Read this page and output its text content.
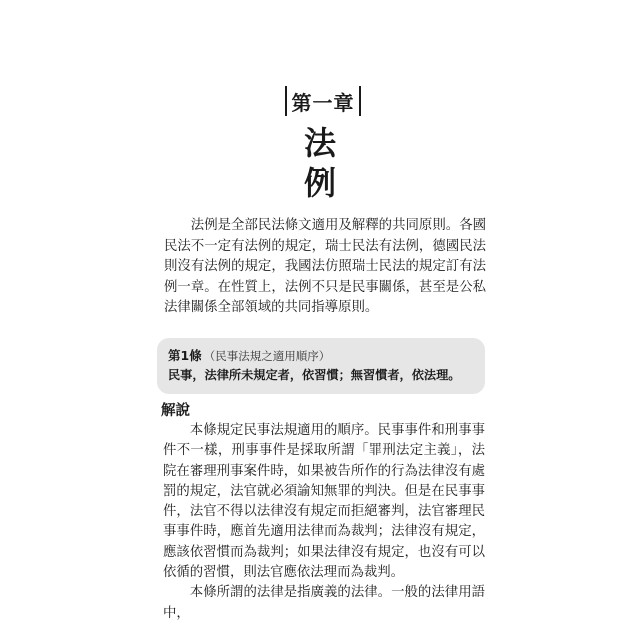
第一章
法例

法例是全部民法條文適用及解釋的共同原則。各國民法不一定有法例的規定，瑞士民法有法例，德國民法則沒有法例的規定，我國法仿照瑞士民法的規定訂有法例一章。在性質上，法例不只是民事關係，甚至是公私法律關係全部領域的共同指導原則。

第1條 （民事法規之適用順序）
民事，法律所未規定者，依習慣；無習慣者，依法理。
解說

本條規定民事法規適用的順序。民事事件和刑事事件不一樣，刑事事件是採取所謂「罪刑法定主義」，法院在審理刑事案件時，如果被告所作的行為法律沒有處罰的規定，法官就必須諭知無罪的判決。但是在民事事件，法官不得以法律沒有規定而拒絕審判，法官審理民事事件時，應首先適用法律而為裁判；法律沒有規定，應該依習慣而為裁判；如果法律沒有規定，也沒有可以依循的習慣，則法官應依法理而為裁判。

本條所謂的法律是指廣義的法律。一般的法律用語中，
